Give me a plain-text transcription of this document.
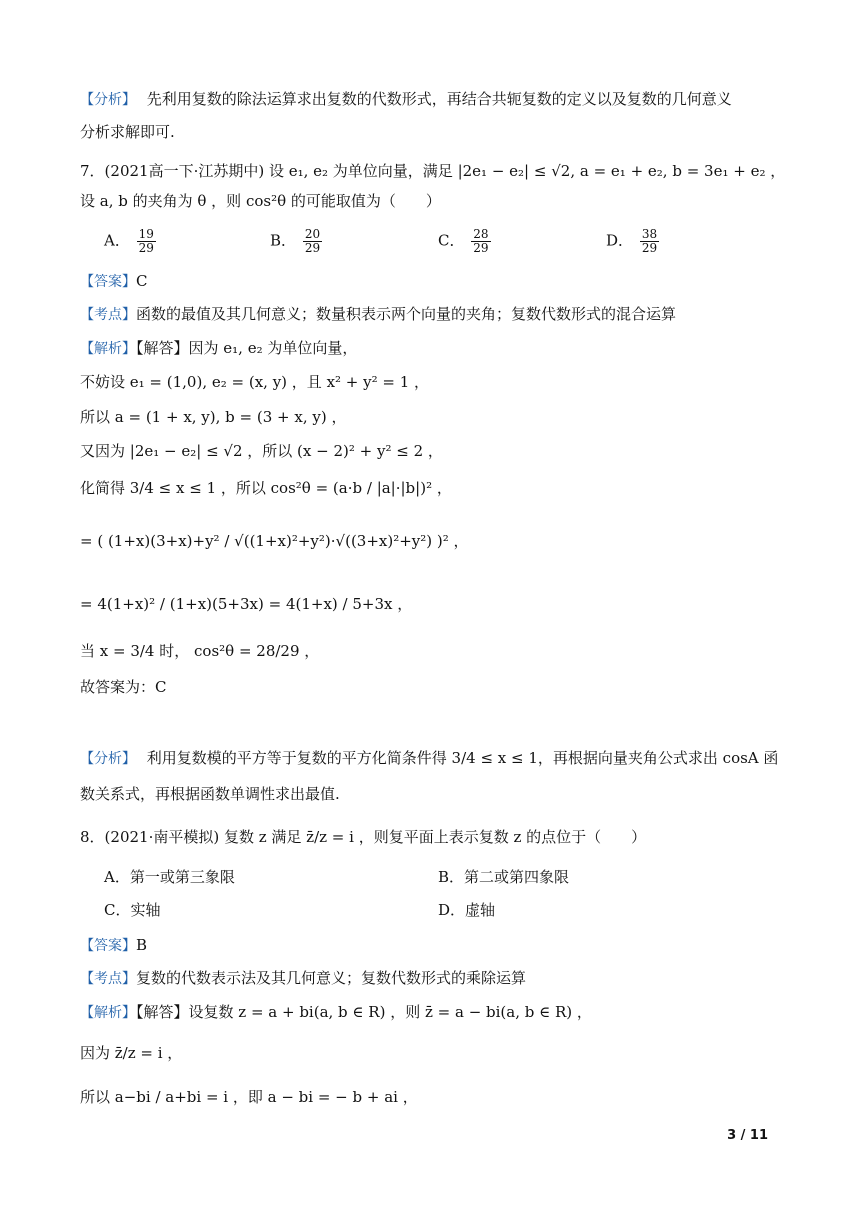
【分析】 先利用复数的除法运算求出复数的代数形式，再结合共轭复数的定义以及复数的几何意义
分析求解即可.
7．(2021高一下·江苏期中) 设 e₁, e₂ 为单位向量，满足 |2e₁ − e₂| ≤ √2, a = e₁ + e₂, b = 3e₁ + e₂ ，
设 a, b 的夹角为 θ ，则 cos²θ 的可能取值为（　　）
A． $\frac{19}{29}$	B． $\frac{20}{29}$	C． $\frac{28}{29}$	D． $\frac{38}{29}$
【答案】C
【考点】函数的最值及其几何意义；数量积表示两个向量的夹角；复数代数形式的混合运算
【解析】【解答】因为 e₁, e₂ 为单位向量，
不妨设 e₁ = (1,0), e₂ = (x, y) ，且 x² + y² = 1 ，
所以 a = (1 + x, y), b = (3 + x, y) ，
又因为 |2e₁ − e₂| ≤ √2 ，所以 (x − 2)² + y² ≤ 2 ，
化简得 3/4 ≤ x ≤ 1 ，所以 cos²θ = (a·b / |a|·|b|)² ，
= ( (1+x)(3+x)+y² / √((1+x)²+y²)·√((3+x)²+y²) )² ，
= 4(1+x)² / (1+x)(5+3x) = 4(1+x) / 5+3x ，
当 x = 3/4 时， cos²θ = 28/29 ，
故答案为：C
【分析】 利用复数模的平方等于复数的平方化简条件得 3/4 ≤ x ≤ 1，再根据向量夹角公式求出 cosA 函
数关系式，再根据函数单调性求出最值.
8．(2021·南平模拟) 复数 z 满足 z̄/z = i ，则复平面上表示复数 z 的点位于（　　）
A．第一或第三象限	B．第二或第四象限
C．实轴	D．虚轴
【答案】B
【考点】复数的代数表示法及其几何意义；复数代数形式的乘除运算
【解析】【解答】设复数 z = a + bi(a, b ∈ R) ，则 z̄ = a − bi(a, b ∈ R) ，
因为 z̄/z = i ，
所以 a−bi / a+bi = i ，即 a − bi = − b + ai ，
3 / 11
